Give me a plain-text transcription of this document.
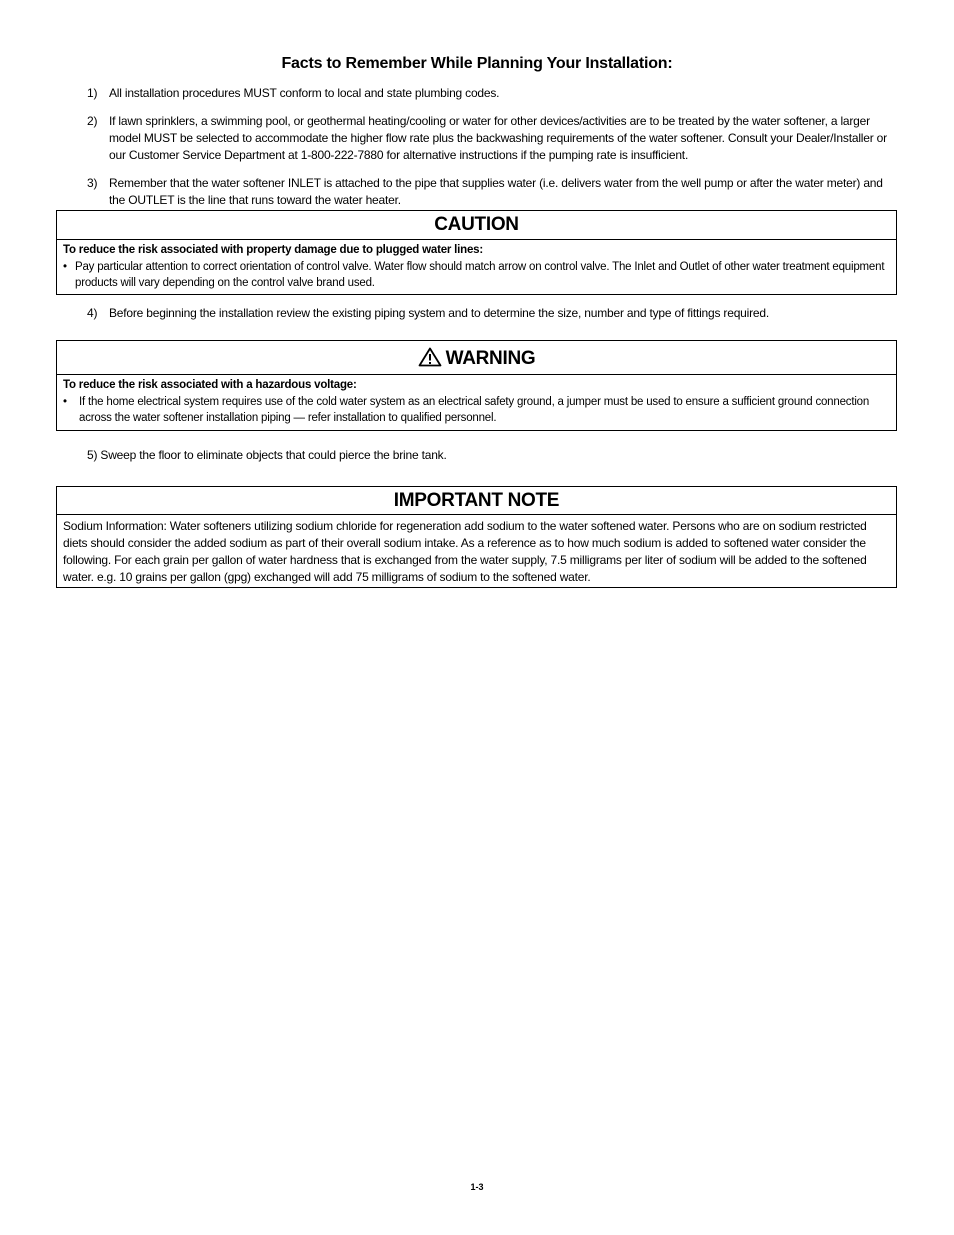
Facts to Remember While Planning Your Installation:
1) All installation procedures MUST conform to local and state plumbing codes.
2) If lawn sprinklers, a swimming pool, or geothermal heating/cooling or water for other devices/activities are to be treated by the water softener, a larger model MUST be selected to accommodate the higher flow rate plus the backwashing requirements of the water softener. Consult your Dealer/Installer or our Customer Service Department at 1-800-222-7880 for alternative instructions if the pumping rate is insufficient.
3) Remember that the water softener INLET is attached to the pipe that supplies water (i.e. delivers water from the well pump or after the water meter) and the OUTLET is the line that runs toward the water heater.
CAUTION
To reduce the risk associated with property damage due to plugged water lines:
• Pay particular attention to correct orientation of control valve. Water flow should match arrow on control valve. The Inlet and Outlet of other water treatment equipment products will vary depending on the control valve brand used.
4) Before beginning the installation review the existing piping system and to determine the size, number and type of fittings required.
WARNING
To reduce the risk associated with a hazardous voltage:
• If the home electrical system requires use of the cold water system as an electrical safety ground, a jumper must be used to ensure a sufficient ground connection across the water softener installation piping — refer installation to qualified personnel.
5) Sweep the floor to eliminate objects that could pierce the brine tank.
IMPORTANT NOTE
Sodium Information: Water softeners utilizing sodium chloride for regeneration add sodium to the water softened water. Persons who are on sodium restricted diets should consider the added sodium as part of their overall sodium intake. As a reference as to how much sodium is added to softened water consider the following. For each grain per gallon of water hardness that is exchanged from the water supply, 7.5 milligrams per liter of sodium will be added to the softened water. e.g. 10 grains per gallon (gpg) exchanged will add 75 milligrams of sodium to the softened water.
1-3
